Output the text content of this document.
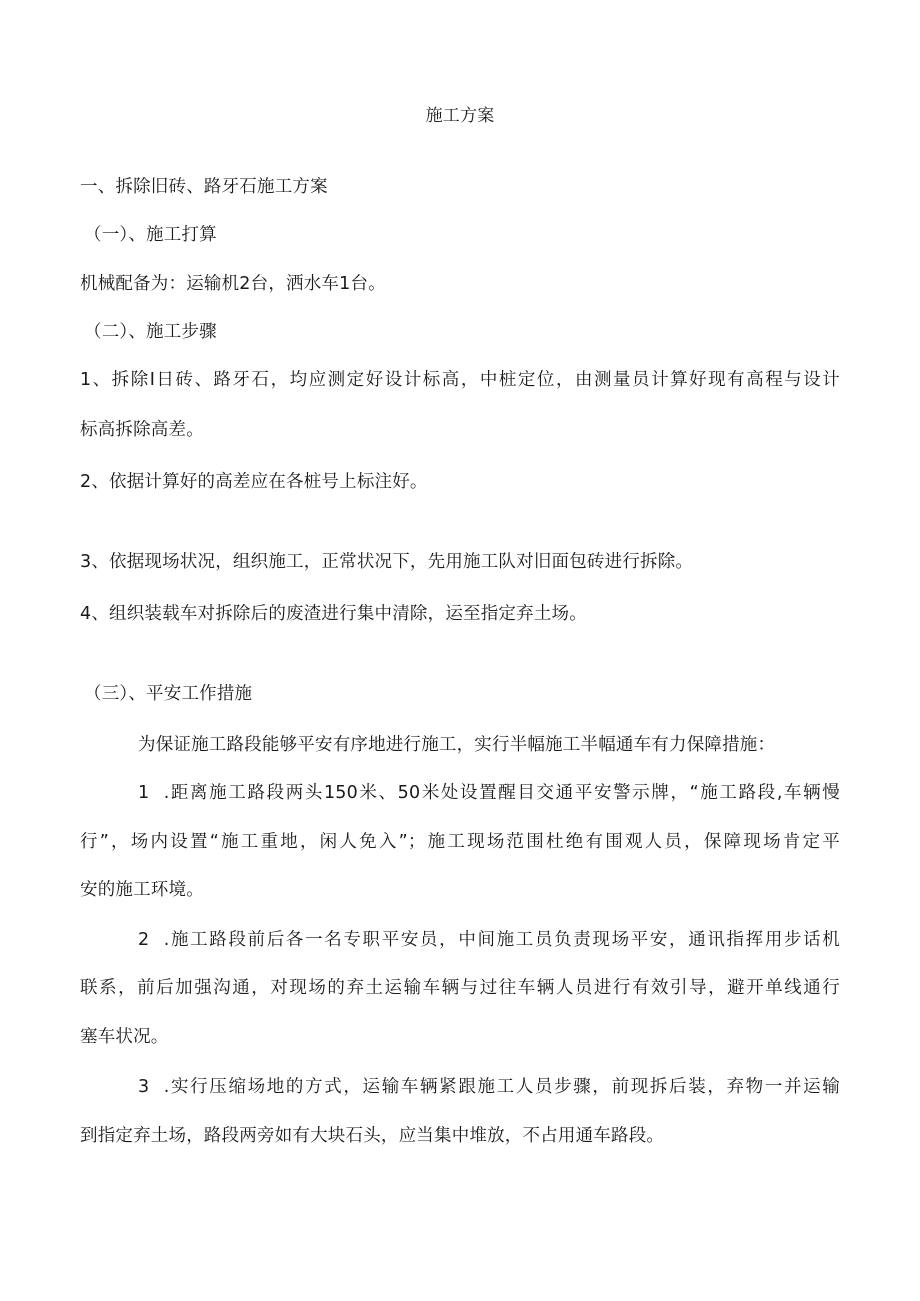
施工方案
一、拆除旧砖、路牙石施工方案
（一）、施工打算
机械配备为：运输机2台，洒水车1台。
（二）、施工步骤
1、拆除I日砖、路牙石，均应测定好设计标高，中桩定位，由测量员计算好现有高程与设计
标高拆除高差。
2、依据计算好的高差应在各桩号上标注好。
3、依据现场状况，组织施工，正常状况下，先用施工队对旧面包砖进行拆除。
4、组织装载车对拆除后的废渣进行集中清除，运至指定弃土场。
（三）、平安工作措施
为保证施工路段能够平安有序地进行施工，实行半幅施工半幅通车有力保障措施：
1  .距离施工路段两头150米、50米处设置醒目交通平安警示牌，“施工路段,车辆慢
行”，场内设置“施工重地，闲人免入”；施工现场范围杜绝有围观人员，保障现场肯定平
安的施工环境。
2  .施工路段前后各一名专职平安员，中间施工员负责现场平安，通讯指挥用步话机
联系，前后加强沟通，对现场的弃土运输车辆与过往车辆人员进行有效引导，避开单线通行
塞车状况。
3  .实行压缩场地的方式，运输车辆紧跟施工人员步骤，前现拆后装，弃物一并运输
到指定弃土场，路段两旁如有大块石头，应当集中堆放，不占用通车路段。
